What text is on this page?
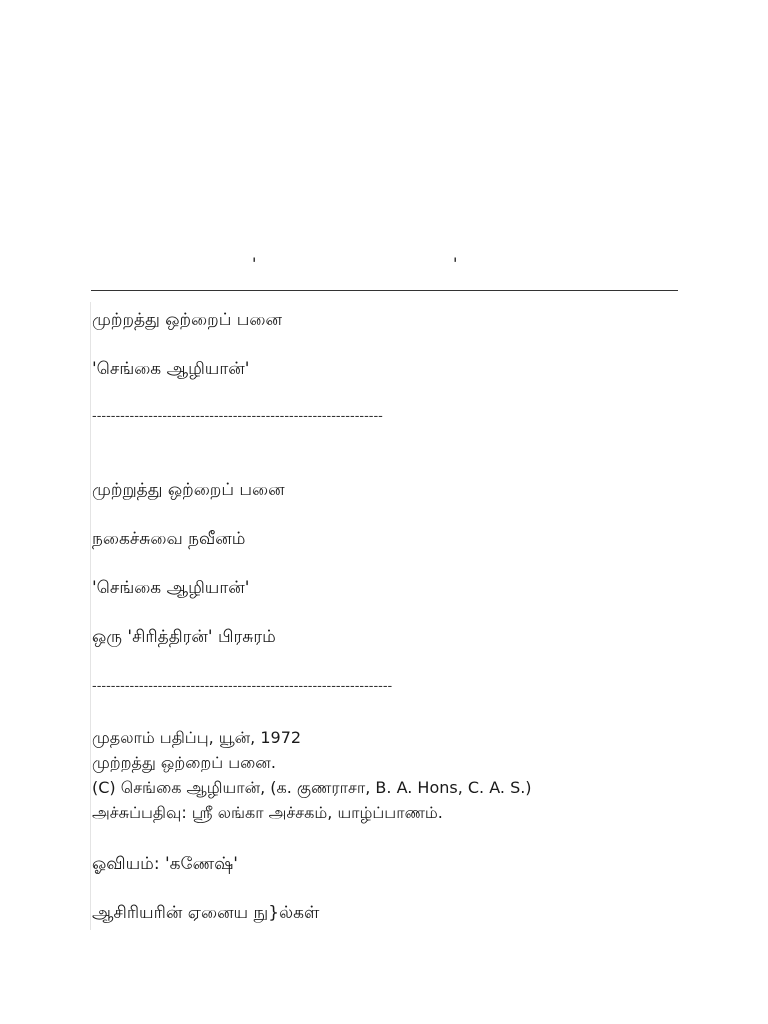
'	'
முற்றத்து ஒற்றைப் பனை
'செங்கை ஆழியான்'
--------------------------------------------------------------
முற்றுத்து ஒற்றைப் பனை
நகைச்சுவை நவீனம்
'செங்கை ஆழியான்'
ஒரு 'சிரித்திரன்' பிரசுரம்
----------------------------------------------------------------
முதலாம் பதிப்பு, யூன், 1972
முற்றத்து ஒற்றைப் பனை.
(C) செங்கை ஆழியான், (க. குணராசா, B. A. Hons, C. A. S.)
அச்சுப்பதிவு: ஸ்ரீ லங்கா அச்சகம், யாழ்ப்பாணம்.
ஓவியம்: 'கணேஷ்'
ஆசிரியரின் ஏனைய நு}ல்கள்
